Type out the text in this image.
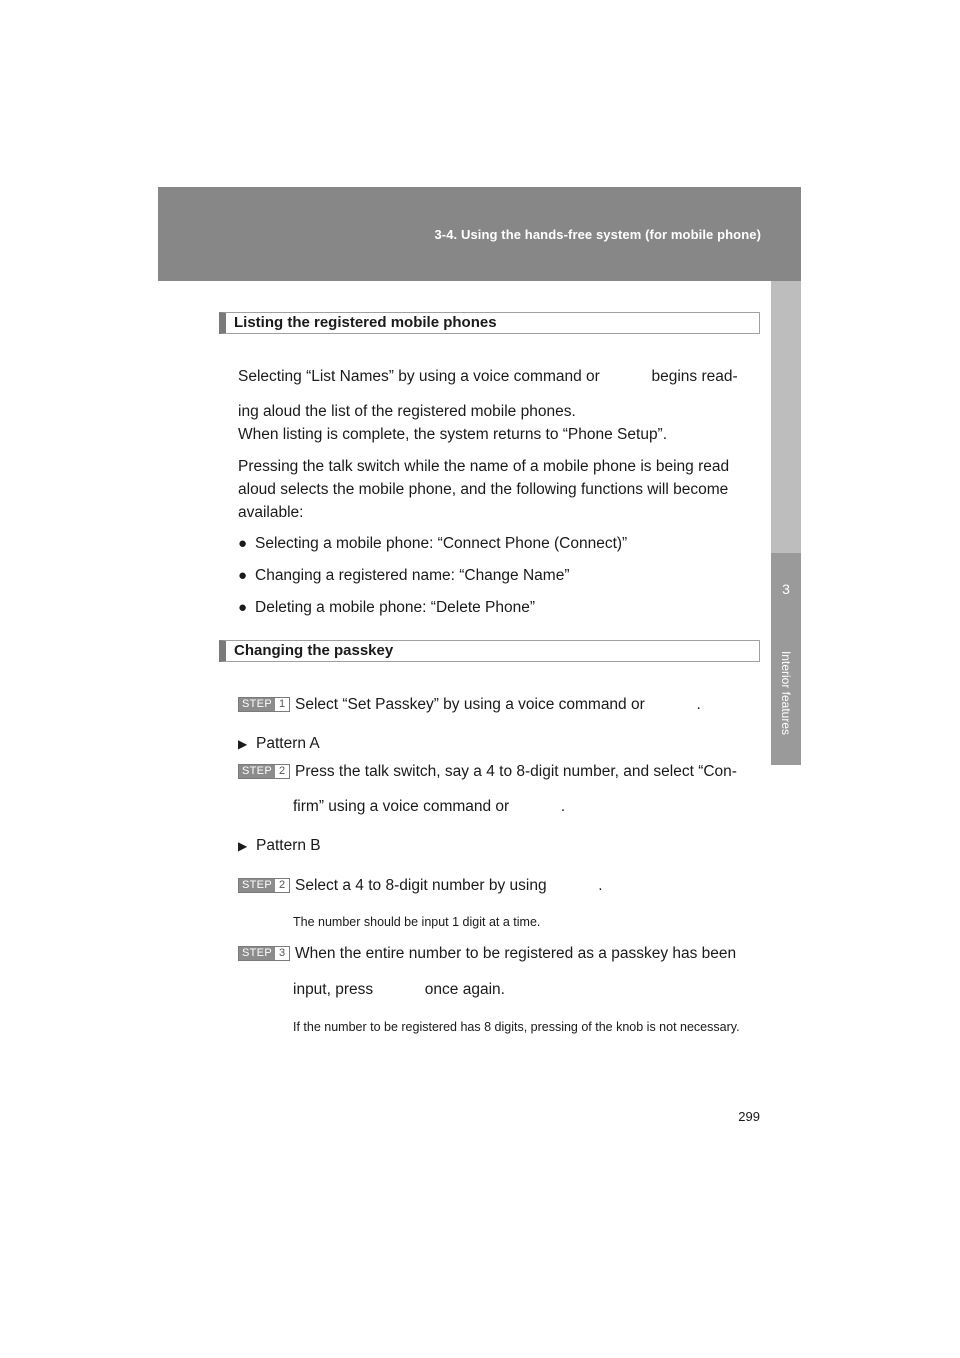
3-4. Using the hands-free system (for mobile phone)
3
Interior features
Listing the registered mobile phones
Selecting “List Names” by using a voice command or            begins read-
ing aloud the list of the registered mobile phones.
When listing is complete, the system returns to “Phone Setup”.
Pressing the talk switch while the name of a mobile phone is being read aloud selects the mobile phone, and the following functions will become available:
● Selecting a mobile phone: “Connect Phone (Connect)”
● Changing a registered name: “Change Name”
● Deleting a mobile phone: “Delete Phone”
Changing the passkey
STEP 1 Select “Set Passkey” by using a voice command or            .
▶ Pattern A
STEP 2 Press the talk switch, say a 4 to 8-digit number, and select “Con-
firm” using a voice command or            .
▶ Pattern B
STEP 2 Select a 4 to 8-digit number by using            .
The number should be input 1 digit at a time.
STEP 3 When the entire number to be registered as a passkey has been
input, press            once again.
If the number to be registered has 8 digits, pressing of the knob is not necessary.
299
